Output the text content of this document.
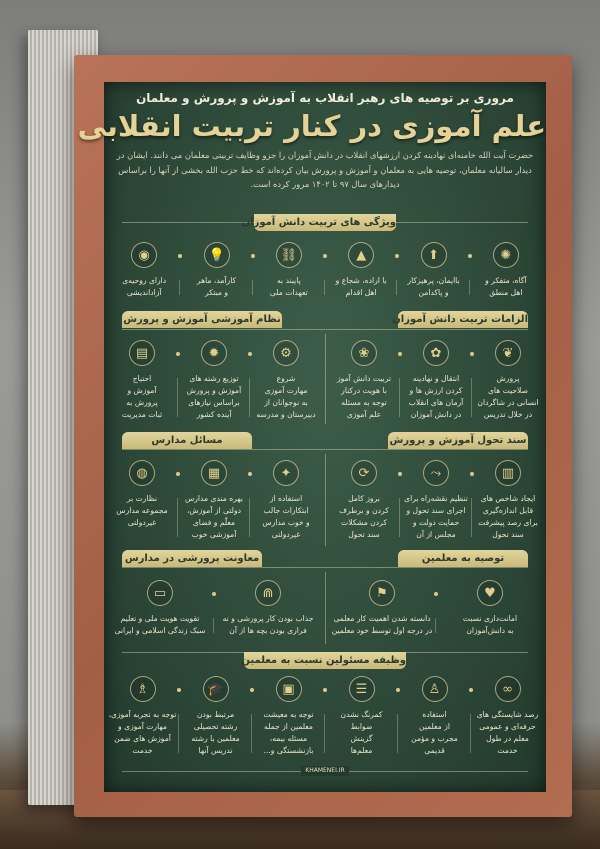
مروری بر توصیه های رهبر انقلاب به آموزش و پرورش و معلمان
علم آموزی در کنار تربیت انقلابی
حضرت آیت الله خامنه‌ای نهادینه کردن ارزشهای انقلاب در دانش آموزان را جزو وظایف تربیتی معلمان می دانند. ایشان در دیدار سالیانه معلمان، توصیه هایی به معلمان و آموزش و پرورش بیان کرده‌اند که خط حزب الله بخشی از آنها را براساس دیدارهای سال ۹۷ تا ۱۴۰۲ مرور کرده است.
ویژگی های تربیت دانش آموزان
✺
آگاه، متفکر و
اهل منطق
⬆
باایمان، پرهیزکار
و پاکدامن
▲
با اراده، شجاع و
اهل اقدام
⛓
پایبند به
تعهدات ملی
💡
کارآمد، ماهر
و مبتکر
◉
دارای روحیه‌ی
آزاداندیشی
الزامات تربیت دانش آموزان
نظام آموزشی آموزش و پرورش
❦
پرورش
صلاحیت های
انسانی در شاگردان
در خلال تدریس
✿
انتقال و نهادینه
کردن ارزش ها و
آرمان های انقلاب
در دانش آموزان
❀
تربیت دانش آموز
با هویت درکنار
توجه به مسئله
علم آموزی
⚙
شروع
مهارت آموزی
به نوجوانان از
دبیرستان و مدرسه
✹
توزیع رشته های
آموزش و پرورش
براساس نیازهای
آینده کشور
▤
احتیاج
آموزش و
پرورش به
ثبات مدیریت
سند تحول آموزش و پرورش
مسائل مدارس
▥
ایجاد شاخص های
قابل اندازه‌گیری
برای رصد پیشرفت
سند تحول
⤳
تنظیم نقشه‌راه برای
اجرای سند تحول و
حمایت دولت و
مجلس از آن
⟳
بروز کامل
کردن و برطرف
کردن مشکلات
سند تحول
✦
استفاده از
ابتکارات جالب
و خوب مدارس
غیردولتی
▦
بهره مندی مدارس
دولتی از آموزش،
معلّم و فضای
آموزشی خوب
◍
نظارت بر
مجموعه مدارس
غیردولتی
توصیه به معلمین
معاونت پرورشی در مدارس
♥
امانت‌داری نسبت
به دانش‌آموزان
⚑
دانسته شدن اهمیت کار معلمی
در درجه اول توسط خود معلمین
⋒
جذاب بودن کار پرورشی و نه
فراری بودن بچه ها از آن
▭
تقویت هویت ملی و تعلیم
سبک زندگی اسلامی و ایرانی
وظیفه مسئولین نسبت به معلمین
∞
رصد شایستگی‌ های
حرفه‌ای و عمومی
معلم در طول
خدمت
♙
استفاده
از معلمین
مجرب و مؤمن
قدیمی
☰
کمرنگ نشدن
ضوابط
گزینش
معلم‌ها
▣
توجه به معیشت
معلمین از جمله
مسئله بیمه،
بازنشستگی و...
🎓
مرتبط بودن
رشته تحصیلی
معلمین با رشته
تدریس آنها
♗
توجه به تجربه آموزی،
مهارت آموزی و
آموزش های ضمن
خدمت
KHAMENEI.IR
